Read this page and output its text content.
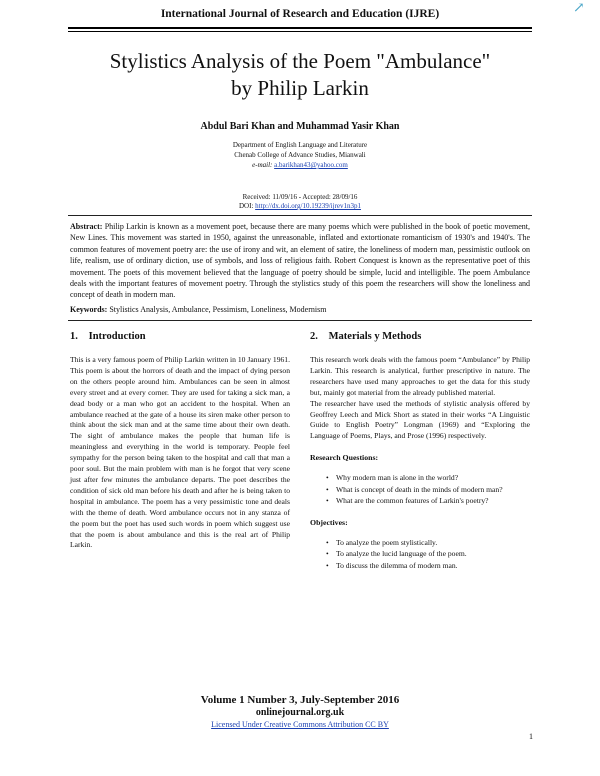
↗
International Journal of Research and Education (IJRE)
Stylistics Analysis of the Poem "Ambulance"
by Philip Larkin
Abdul Bari Khan and Muhammad Yasir Khan
Department of English Language and Literature
Chenab College of Advance Studies, Mianwali
e-mail: a.barikhan43@yahoo.com
Received: 11/09/16 - Accepted: 28/09/16
DOI: http://dx.doi.org/10.19239/ijrev1n3p1
Abstract: Philip Larkin is known as a movement poet, because there are many poems which were published in the book of poetic movement, New Lines. This movement was started in 1950, against the unreasonable, inflated and extortionate romanticism of 1930's and 1940's. The common features of movement poetry are: the use of irony and wit, an element of satire, the loneliness of modern man, pessimistic outlook on life, realism, use of ordinary diction, use of symbols, and loss of religious faith. Robert Conquest is known as the representative poet of this movement. The poets of this movement believed that the language of poetry should be simple, lucid and intelligible. The poem Ambulance deals with the important features of movement poetry. Through the stylistics study of this poem the researchers will show the loneliness and concept of death in modern man.
Keywords: Stylistics Analysis, Ambulance, Pessimism, Loneliness, Modernism
1. Introduction

This is a very famous poem of Philip Larkin written in 10 January 1961. This poem is about the horrors of death and the impact of dying person on the others people around him. Ambulances can be seen in almost every street and at every corner. They are used for taking a sick man, a dead body or a man who got an accident to the hospital. When an ambulance reached at the gate of a house its siren make other person to think about the sick man and at the same time about their own death. The sight of ambulance makes the people that human life is meaningless and everything in the world is temporary. People feel sympathy for the person being taken to the hospital and call that man a poor soul. But the main problem with man is he forgot that very scene just after few minutes the ambulance departs. The poet describes the condition of sick old man before his death and after he is being taken to hospital in ambulance. The poem has a very pessimistic tone and deals with the theme of death. Word ambulance occurs not in any stanza of the poem but the poet has used such words in poem which suggest use that the poem is about ambulance and this is the real art of Philip Larkin.

2. Materials y Methods

This research work deals with the famous poem “Ambulance” by Philip Larkin. This research is analytical, further prescriptive in nature. The researchers have used many approaches to get the data for this study but, mainly got material from the already published material.

The researcher have used the methods of stylistic analysis offered by Geoffrey Leech and Mick Short as stated in their works “A Linguistic Guide to English Poetry” Longman (1969) and “Exploring the Language of Poems, Plays, and Prose (1996) respectively.

Research Questions:
• Why modern man is alone in the world?
• What is concept of death in the minds of modern man?
• What are the common features of Larkin's poetry?
Objectives:
• To analyze the poem stylistically.
• To analyze the lucid language of the poem.
• To discuss the dilemma of modern man.
Volume 1 Number 3, July-September 2016
onlinejournal.org.uk
Licensed Under Creative Commons Attribution CC BY
1
